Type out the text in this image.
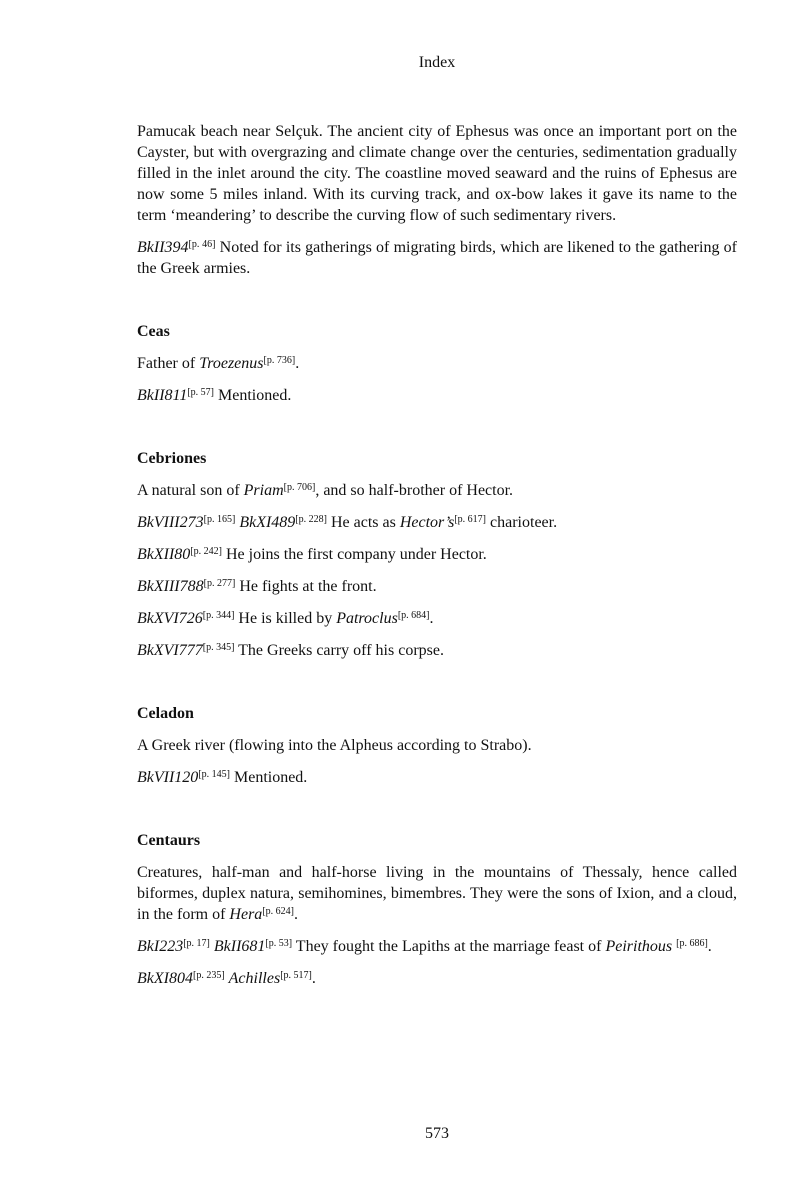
Index

Pamucak beach near Selçuk. The ancient city of Ephesus was once an important port on the Cayster, but with overgrazing and climate change over the centuries, sedimentation gradually filled in the inlet around the city. The coastline moved seaward and the ruins of Ephesus are now some 5 miles inland. With its curving track, and ox-bow lakes it gave its name to the term ‘meandering’ to describe the curving flow of such sedimentary rivers.

BkII394[p. 46] Noted for its gatherings of migrating birds, which are likened to the gathering of the Greek armies.

Ceas

Father of Troezenus[p. 736].

BkII811[p. 57] Mentioned.

Cebriones

A natural son of Priam[p. 706], and so half-brother of Hector.

BkVIII273[p. 165] BkXI489[p. 228] He acts as Hector’s[p. 617] charioteer.

BkXII80[p. 242] He joins the first company under Hector.

BkXIII788[p. 277] He fights at the front.

BkXVI726[p. 344] He is killed by Patroclus[p. 684].

BkXVI777[p. 345] The Greeks carry off his corpse.

Celadon

A Greek river (flowing into the Alpheus according to Strabo).

BkVII120[p. 145] Mentioned.

Centaurs

Creatures, half-man and half-horse living in the mountains of Thessaly, hence called biformes, duplex natura, semihomines, bimembres. They were the sons of Ixion, and a cloud, in the form of Hera[p. 624].

BkI223[p. 17] BkII681[p. 53] They fought the Lapiths at the marriage feast of Peirithous [p. 686].

BkXI804[p. 235] Achilles[p. 517].

573
